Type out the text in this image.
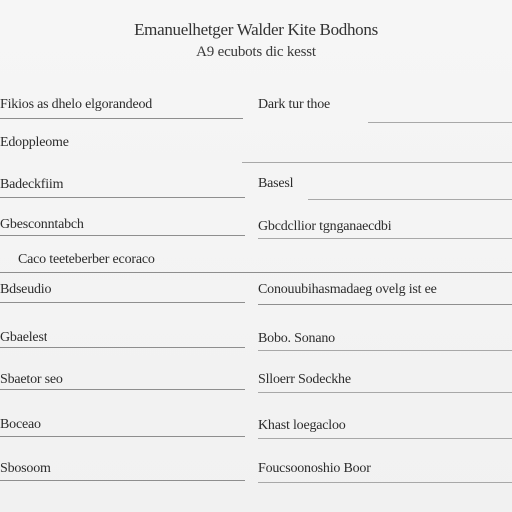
Emanuelhetger Walder Kite Bodhons
A9 ecubots dic kesst
Fikios as dhelo elgorandeod	Dark tur thoe
Edoppleome
Badeckfiim	Basesl
Gbesconntabch	Gbcdcllior tgnganaecdbi
Caco teeteberber ecoraco
Bdseudio	Conouubihasmadaeg ovelg ist ee
Gbaelest	Bobo. Sonano
Sbaetor seo	Slloerr Sodeckhe
Boceao	Khast loegacloo
Sbosoom	Foucsoonoshio Boor
